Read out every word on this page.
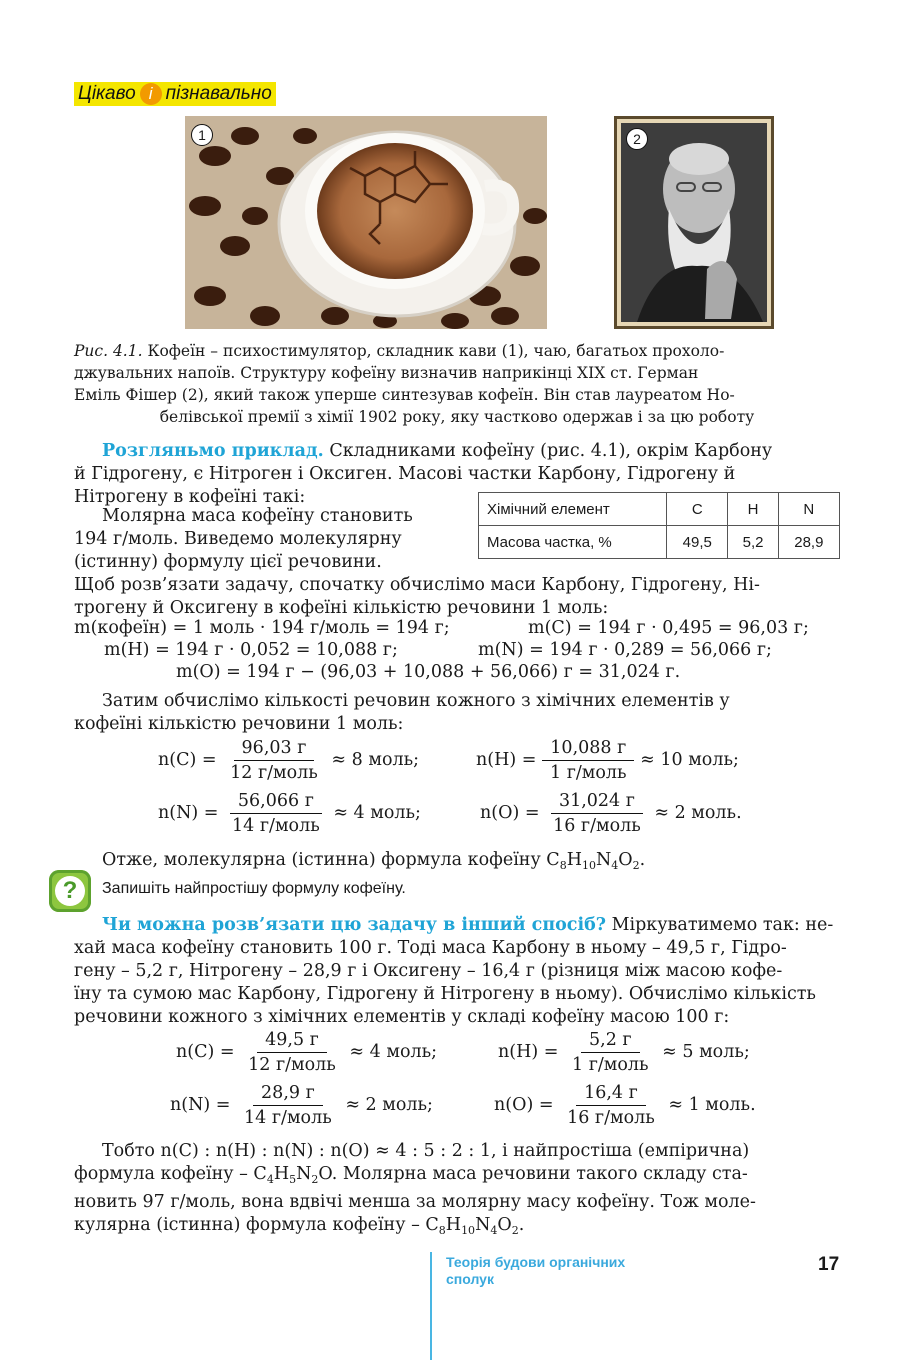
Цікаво і пізнавально
1	2
Рис. 4.1. Кофеїн – психостимулятор, складник кави (1), чаю, багатьох прохоло-
джувальних напоїв. Структуру кофеїну визначив наприкінці XIX ст. Герман
Еміль Фішер (2), який також уперше синтезував кофеїн. Він став лауреатом Но-
белівської премії з хімії 1902 року, яку частково одержав і за цю роботу
Розгляньмо приклад. Складниками кофеїну (рис. 4.1), окрім Карбону
й Гідрогену, є Нітроген і Оксиген. Масові частки Карбону, Гідрогену й
Нітрогену в кофеїні такі:
Хімічний елемент	C	H	N
Масова частка, %	49,5	5,2	28,9
Молярна маса кофеїну становить
194 г/моль. Виведемо молекулярну
(істинну) формулу цієї речовини.
Щоб розв’язати задачу, спочатку обчислімо маси Карбону, Гідрогену, Ні-
трогену й Оксигену в кофеїні кількістю речовини 1 моль:
m(кофеїн) = 1 моль · 194 г/моль = 194 г;	m(C) = 194 г · 0,495 = 96,03 г;
m(H) = 194 г · 0,052 = 10,088 г;	m(N) = 194 г · 0,289 = 56,066 г;
m(O) = 194 г − (96,03 + 10,088 + 56,066) г = 31,024 г.
Затим обчислімо кількості речовин кожного з хімічних елементів у
кофеїні кількістю речовини 1 моль:
$n(C) = \frac{96,03 г}{\text{12 г/моль}} \approx 8$ моль;	$n(H) = \frac{10,088 г}{\text{1 г/моль}} \approx 10$ моль;
$n(N) = \frac{56,066 г}{\text{14 г/моль}} \approx 4$ моль;	$n(O) = \frac{31,024 г}{\text{16 г/моль}} \approx 2$ моль.
Отже, молекулярна (істинна) формула кофеїну $C_8H_{10}N_4O_2$.
?	Запишіть найпростішу формулу кофеїну.
Чи можна розв’язати цю задачу в інший спосіб? Міркуватимемо так: не-
хай маса кофеїну становить 100 г. Тоді маса Карбону в ньому – 49,5 г, Гідро-
гену – 5,2 г, Нітрогену – 28,9 г і Оксигену – 16,4 г (різниця між масою кофе-
їну та сумою мас Карбону, Гідрогену й Нітрогену в ньому). Обчислімо кількість
речовини кожного з хімічних елементів у складі кофеїну масою 100 г:
$n(C) = \frac{49,5 г}{\text{12 г/моль}} \approx 4$ моль;	$n(H) = \frac{5,2 г}{\text{1 г/моль}} \approx 5$ моль;
$n(N) = \frac{28,9 г}{\text{14 г/моль}} \approx 2$ моль;	$n(O) = \frac{16,4 г}{\text{16 г/моль}} \approx 1$ моль.
Тобто n(C) : n(H) : n(N) : n(O) ≈ 4 : 5 : 2 : 1, і найпростіша (емпірична)
формула кофеїну – $C_4H_5N_2O$. Молярна маса речовини такого складу ста-
новить 97 г/моль, вона вдвічі менша за молярну масу кофеїну. Тож моле-
кулярна (істинна) формула кофеїну – $C_8H_{10}N_4O_2$.
Теорія будови органічних
сполук
17
